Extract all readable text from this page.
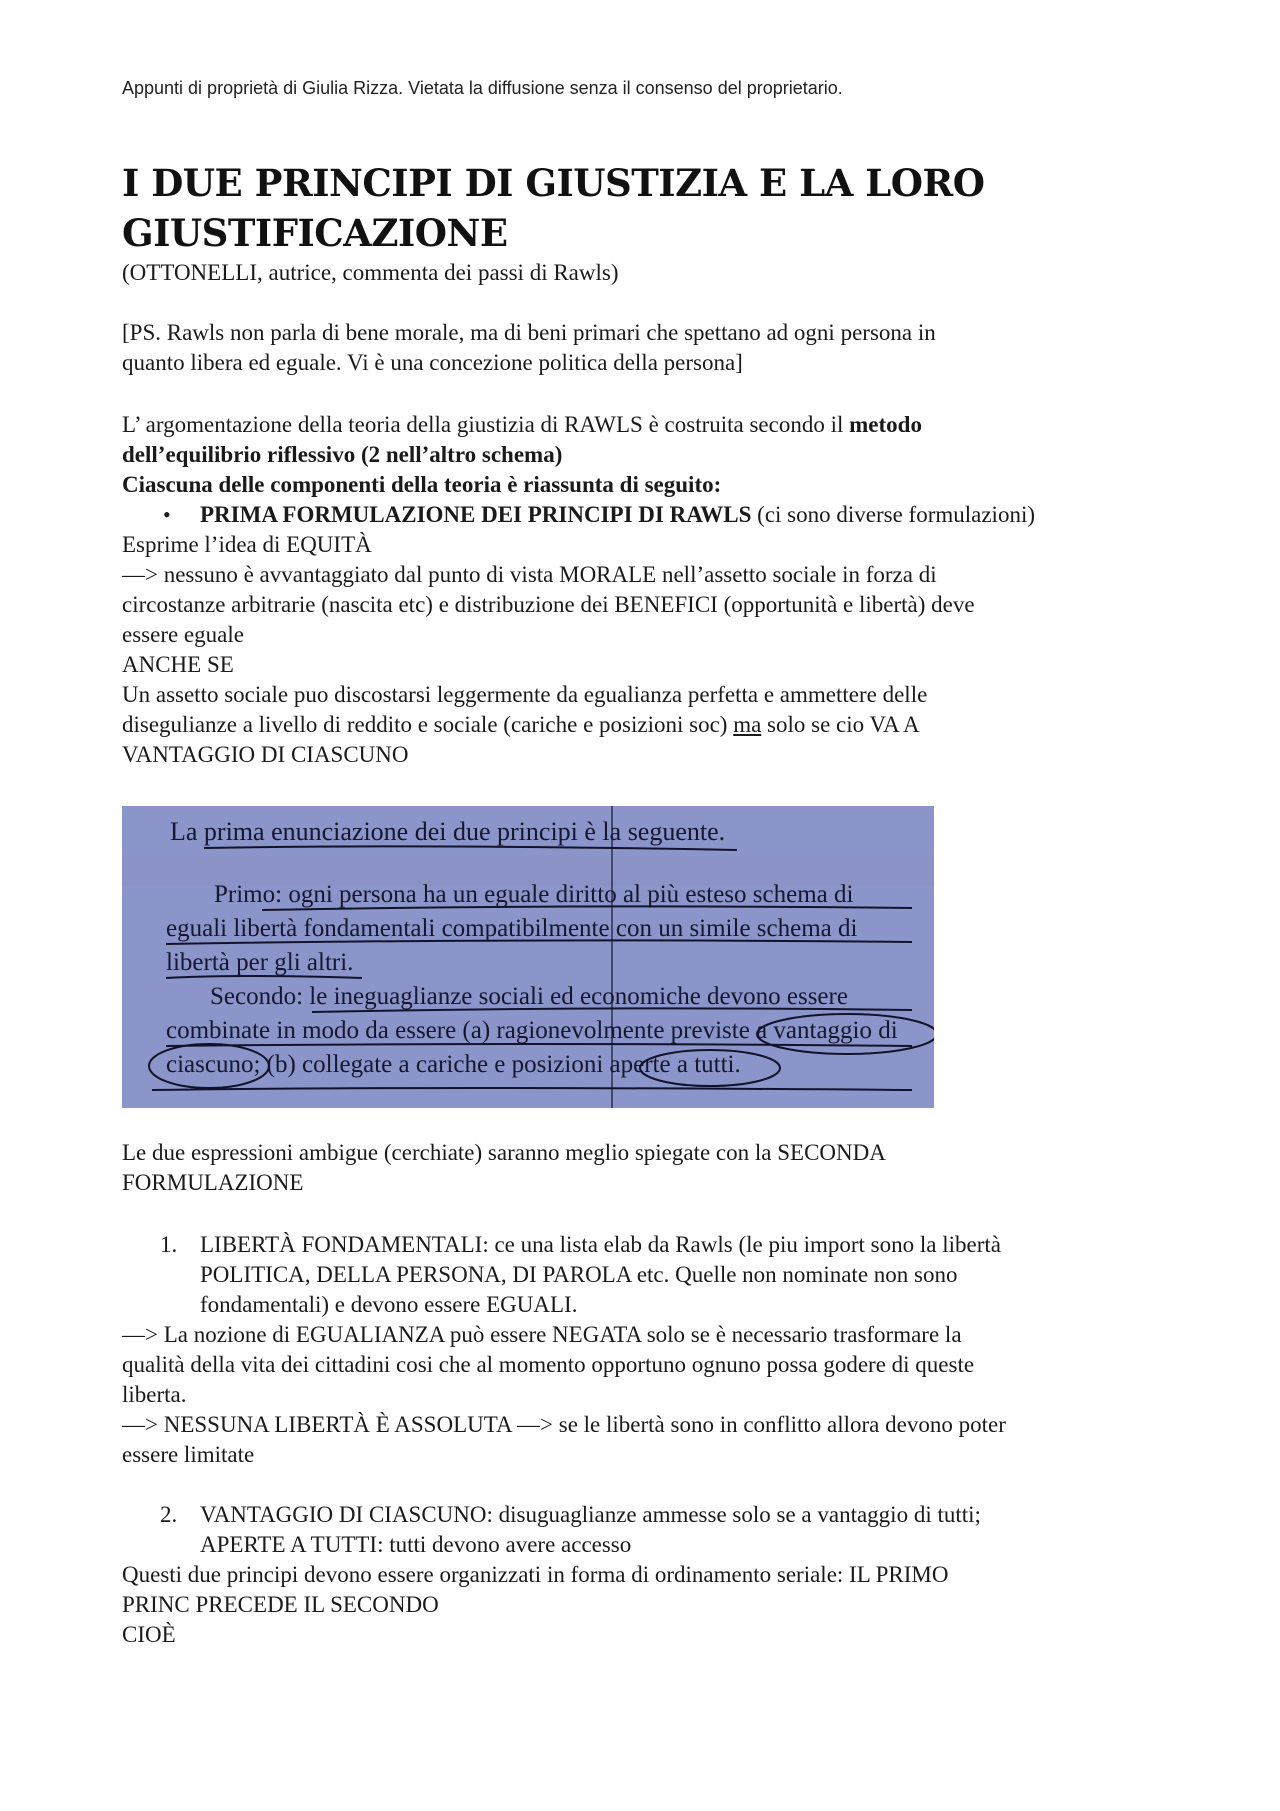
Appunti di proprietà di Giulia Rizza. Vietata la diffusione senza il consenso del proprietario.
I DUE PRINCIPI DI GIUSTIZIA E LA LORO
GIUSTIFICAZIONE

(OTTONELLI, autrice, commenta dei passi di Rawls)

[PS. Rawls non parla di bene morale, ma di beni primari che spettano ad ogni persona in
quanto libera ed eguale. Vi è una concezione politica della persona]

L’ argomentazione della teoria della giustizia di RAWLS è costruita secondo il metodo
dell’equilibrio riflessivo (2 nell’altro schema)
Ciascuna delle componenti della teoria è riassunta di seguito:

• PRIMA FORMULAZIONE DEI PRINCIPI DI RAWLS (ci sono diverse formulazioni)

Esprime l’idea di EQUITÀ
—> nessuno è avvantaggiato dal punto di vista MORALE nell’assetto sociale in forza di
circostanze arbitrarie (nascita etc) e distribuzione dei BENEFICI (opportunità e libertà) deve
essere eguale
ANCHE SE
Un assetto sociale puo discostarsi leggermente da egualianza perfetta e ammettere delle
disegulianze a livello di reddito e sociale (cariche e posizioni soc) ma solo se cio VA A
VANTAGGIO DI CIASCUNO

La prima enunciazione dei due principi è la seguente.
Primo: ogni persona ha un eguale diritto al più esteso schema di
eguali libertà fondamentali compatibilmente con un simile schema di
libertà per gli altri.
Secondo: le ineguaglianze sociali ed economiche devono essere
combinate in modo da essere (a) ragionevolmente previste a vantaggio di
ciascuno; (b) collegate a cariche e posizioni aperte a tutti.

Le due espressioni ambigue (cerchiate) saranno meglio spiegate con la SECONDA
FORMULAZIONE

1. LIBERTÀ FONDAMENTALI: ce una lista elab da Rawls (le piu import sono la libertà
POLITICA, DELLA PERSONA, DI PAROLA etc. Quelle non nominate non sono
fondamentali) e devono essere EGUALI.

—> La nozione di EGUALIANZA può essere NEGATA solo se è necessario trasformare la
qualità della vita dei cittadini cosi che al momento opportuno ognuno possa godere di queste
liberta.
—> NESSUNA LIBERTÀ È ASSOLUTA —> se le libertà sono in conflitto allora devono poter
essere limitate

2. VANTAGGIO DI CIASCUNO: disuguaglianze ammesse solo se a vantaggio di tutti;
APERTE A TUTTI: tutti devono avere accesso

Questi due principi devono essere organizzati in forma di ordinamento seriale: IL PRIMO
PRINC PRECEDE IL SECONDO
CIOÈ
